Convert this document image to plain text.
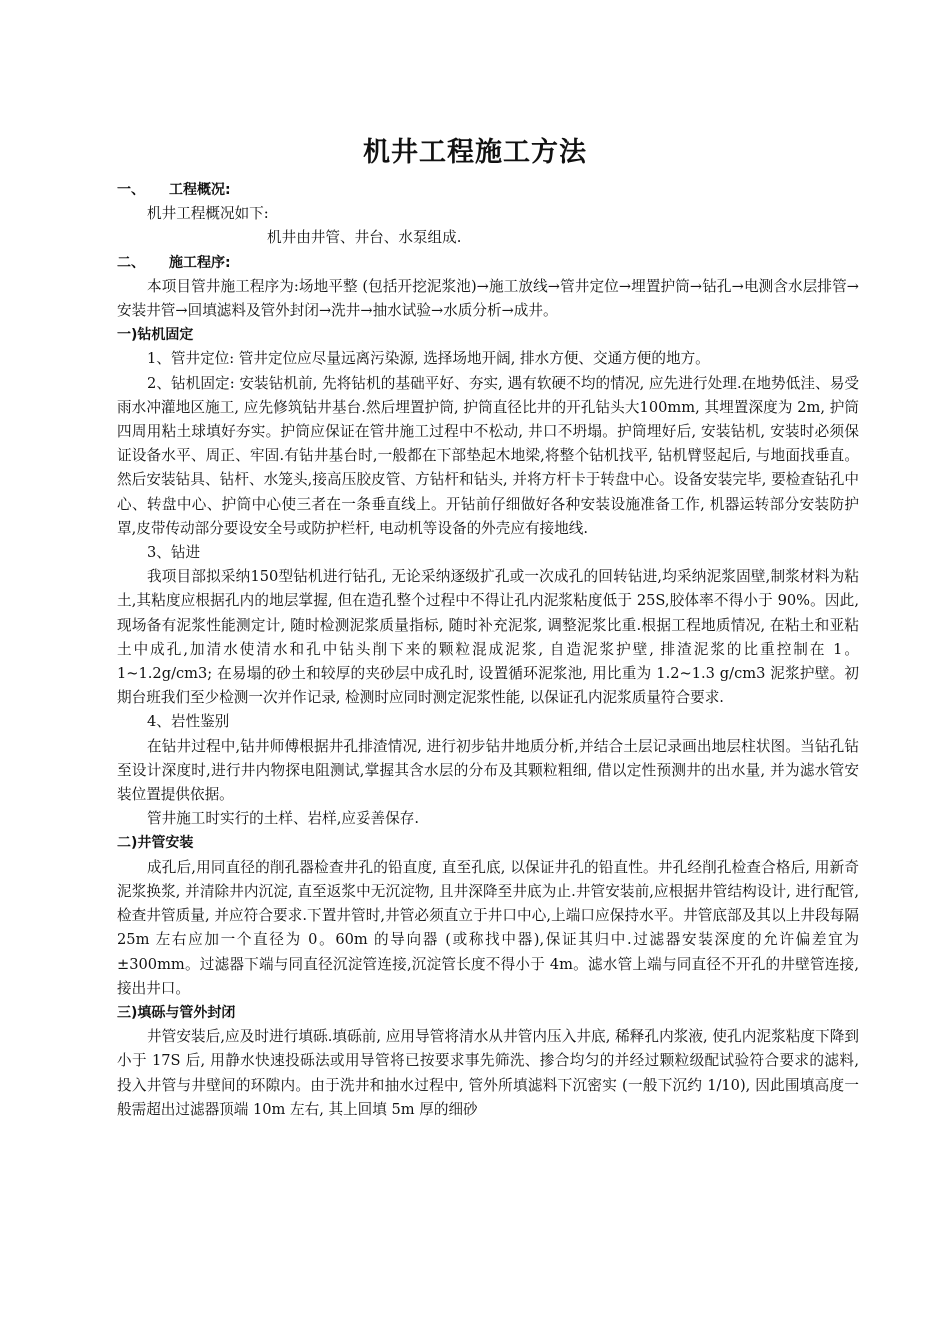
机井工程施工方法

一、 工程概况:

机井工程概况如下:

机井由井管、井台、水泵组成.

二、 施工程序:

本项目管井施工程序为:场地平整 (包括开挖泥浆池)→施工放线→管井定位→埋置护筒→钻孔→电测含水层排管→安装井管→回填滤料及管外封闭→洗井→抽水试验→水质分析→成井。

一)钻机固定

1、管井定位: 管井定位应尽量远离污染源, 选择场地开阔, 排水方便、交通方便的地方。

2、钻机固定: 安装钻机前, 先将钻机的基础平好、夯实, 遇有软硬不均的情况, 应先进行处理.在地势低洼、易受雨水冲灌地区施工, 应先修筑钻井基台.然后埋置护筒, 护筒直径比井的开孔钻头大100mm, 其埋置深度为 2m, 护筒四周用粘土球填好夯实。护筒应保证在管井施工过程中不松动, 井口不坍塌。护筒埋好后, 安装钻机, 安装时必须保证设备水平、周正、牢固.有钻井基台时,一般都在下部垫起木地梁,将整个钻机找平, 钻机臂竖起后, 与地面找垂直。然后安装钻具、钻杆、水笼头,接高压胶皮管、方钻杆和钻头, 并将方杆卡于转盘中心。设备安装完毕, 要检查钻孔中心、转盘中心、护筒中心使三者在一条垂直线上。开钻前仔细做好各种安装设施准备工作, 机器运转部分安装防护罩,皮带传动部分要设安全号或防护栏杆, 电动机等设备的外壳应有接地线.

3、钻进

我项目部拟采纳150型钻机进行钻孔, 无论采纳逐级扩孔或一次成孔的回转钻进,均采纳泥浆固壁,制浆材料为粘土,其粘度应根据孔内的地层掌握, 但在造孔整个过程中不得让孔内泥浆粘度低于 25S,胶体率不得小于 90%。因此, 现场备有泥浆性能测定计, 随时检测泥浆质量指标, 随时补充泥浆, 调整泥浆比重.根据工程地质情况, 在粘土和亚粘土中成孔,加清水使清水和孔中钻头削下来的颗粒混成泥浆, 自造泥浆护壁, 排渣泥浆的比重控制在 1。1~1.2g/cm3; 在易塌的砂土和较厚的夹砂层中成孔时, 设置循环泥浆池, 用比重为 1.2~1.3 g/cm3 泥浆护壁。初期台班我们至少检测一次并作记录, 检测时应同时测定泥浆性能, 以保证孔内泥浆质量符合要求.

4、岩性鉴别

在钻井过程中,钻井师傅根据井孔排渣情况, 进行初步钻井地质分析,并结合土层记录画出地层柱状图。当钻孔钻至设计深度时,进行井内物探电阻测试,掌握其含水层的分布及其颗粒粗细, 借以定性预测井的出水量, 并为滤水管安装位置提供依据。

管井施工时实行的土样、岩样,应妥善保存.

二)井管安装

成孔后,用同直径的削孔器检查井孔的铅直度, 直至孔底, 以保证井孔的铅直性。井孔经削孔检查合格后, 用新奇泥浆换浆, 并清除井内沉淀, 直至返浆中无沉淀物, 且井深降至井底为止.井管安装前,应根据井管结构设计, 进行配管,检查井管质量, 并应符合要求.下置井管时,井管必须直立于井口中心,上端口应保持水平。井管底部及其以上井段每隔 25m 左右应加一个直径为 0。60m 的导向器 (或称找中器),保证其归中.过滤器安装深度的允许偏差宜为 ±300mm。过滤器下端与同直径沉淀管连接,沉淀管长度不得小于 4m。滤水管上端与同直径不开孔的井壁管连接, 接出井口。

三)填砾与管外封闭

井管安装后,应及时进行填砾.填砾前, 应用导管将清水从井管内压入井底, 稀释孔内浆液, 使孔内泥浆粘度下降到小于 17S 后, 用静水快速投砾法或用导管将已按要求事先筛洗、掺合均匀的并经过颗粒级配试验符合要求的滤料, 投入井管与井壁间的环隙内。由于洗井和抽水过程中, 管外所填滤料下沉密实 (一般下沉约 1/10), 因此围填高度一般需超出过滤器顶端 10m 左右, 其上回填 5m 厚的细砂
